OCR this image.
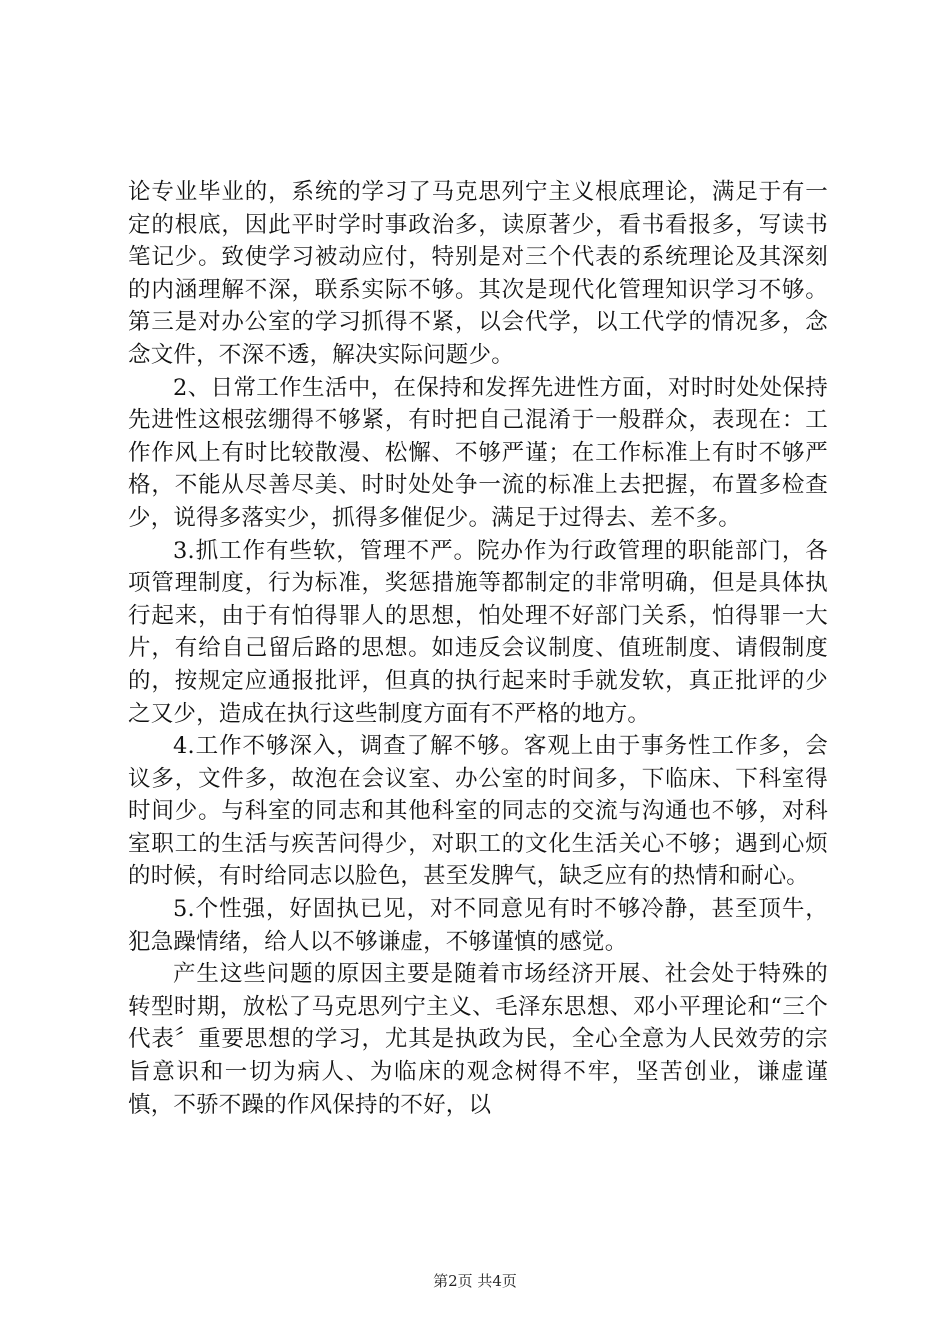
论专业毕业的，系统的学习了马克思列宁主义根底理论，满足于有一定的根底，因此平时学时事政治多，读原著少，看书看报多，写读书笔记少。致使学习被动应付，特别是对三个代表的系统理论及其深刻的内涵理解不深，联系实际不够。其次是现代化管理知识学习不够。第三是对办公室的学习抓得不紧，以会代学，以工代学的情况多，念念文件，不深不透，解决实际问题少。

2、日常工作生活中，在保持和发挥先进性方面，对时时处处保持先进性这根弦绷得不够紧，有时把自己混淆于一般群众，表现在：工作作风上有时比较散漫、松懈、不够严谨；在工作标准上有时不够严格，不能从尽善尽美、时时处处争一流的标准上去把握，布置多检查少，说得多落实少，抓得多催促少。满足于过得去、差不多。

3.抓工作有些软，管理不严。院办作为行政管理的职能部门，各项管理制度，行为标准，奖惩措施等都制定的非常明确，但是具体执行起来，由于有怕得罪人的思想，怕处理不好部门关系，怕得罪一大片，有给自己留后路的思想。如违反会议制度、值班制度、请假制度的，按规定应通报批评，但真的执行起来时手就发软，真正批评的少之又少，造成在执行这些制度方面有不严格的地方。

4.工作不够深入，调查了解不够。客观上由于事务性工作多，会议多，文件多，故泡在会议室、办公室的时间多，下临床、下科室得时间少。与科室的同志和其他科室的同志的交流与沟通也不够，对科室职工的生活与疾苦问得少，对职工的文化生活关心不够；遇到心烦的时候，有时给同志以脸色，甚至发脾气，缺乏应有的热情和耐心。

5.个性强，好固执已见，对不同意见有时不够冷静，甚至顶牛，犯急躁情绪，给人以不够谦虚，不够谨慎的感觉。

产生这些问题的原因主要是随着市场经济开展、社会处于特殊的转型时期，放松了马克思列宁主义、毛泽东思想、邓小平理论和“三个代表〞重要思想的学习，尤其是执政为民，全心全意为人民效劳的宗旨意识和一切为病人、为临床的观念树得不牢，坚苦创业，谦虚谨慎，不骄不躁的作风保持的不好，以

第2页 共4页
